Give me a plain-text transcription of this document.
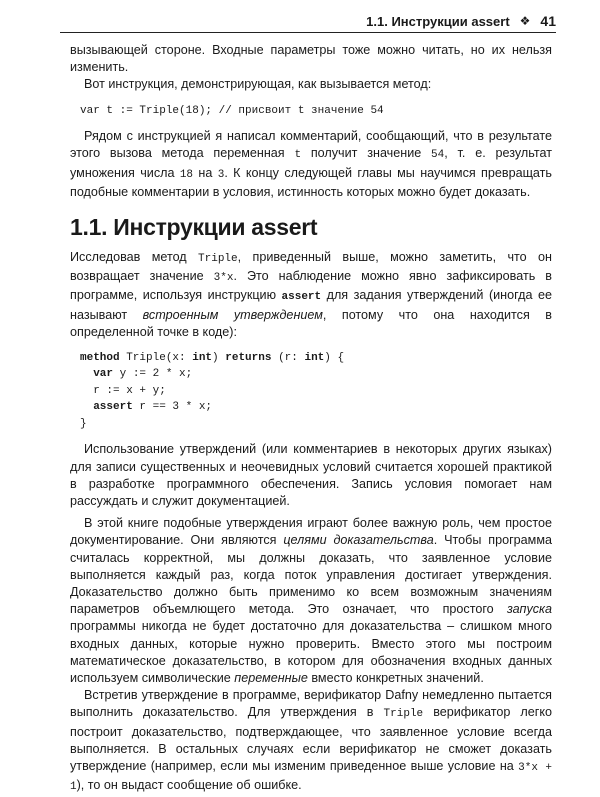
1.1. Инструкции assert ❖ 41

вызывающей стороне. Входные параметры тоже можно читать, но их нельзя изменить.

Вот инструкция, демонстрирующая, как вызывается метод:

var t := Triple(18); // присвоит t значение 54

Рядом с инструкцией я написал комментарий, сообщающий, что в результате этого вызова метода переменная t получит значение 54, т. е. результат умножения числа 18 на 3. К концу следующей главы мы научимся превращать подобные комментарии в условия, истинность которых можно будет доказать.

1.1. Инструкции assert

Исследовав метод Triple, приведенный выше, можно заметить, что он возвращает значение 3*x. Это наблюдение можно явно зафиксировать в программе, используя инструкцию assert для задания утверждений (иногда ее называют встроенным утверждением, потому что она находится в определенной точке в коде):

method Triple(x: int) returns (r: int) {
var y := 2 * x;
r := x + y;
assert r == 3 * x;
}

Использование утверждений (или комментариев в некоторых других языках) для записи существенных и неочевидных условий считается хорошей практикой в разработке программного обеспечения. Запись условия помогает нам рассуждать и служит документацией.

В этой книге подобные утверждения играют более важную роль, чем простое документирование. Они являются целями доказательства. Чтобы программа считалась корректной, мы должны доказать, что заявленное условие выполняется каждый раз, когда поток управления достигает утверждения. Доказательство должно быть применимо ко всем возможным значениям параметров объемлющего метода. Это означает, что простого запуска программы никогда не будет достаточно для доказательства – слишком много входных данных, которые нужно проверить. Вместо этого мы построим математическое доказательство, в котором для обозначения входных данных используем символические переменные вместо конкретных значений.

Встретив утверждение в программе, верификатор Dafny немедленно пытается выполнить доказательство. Для утверждения в Triple верификатор легко построит доказательство, подтверждающее, что заявленное условие всегда выполняется. В остальных случаях если верификатор не сможет доказать утверждение (например, если мы изменим приведенное выше условие на 3*x + 1), то он выдаст сообщение об ошибке.
